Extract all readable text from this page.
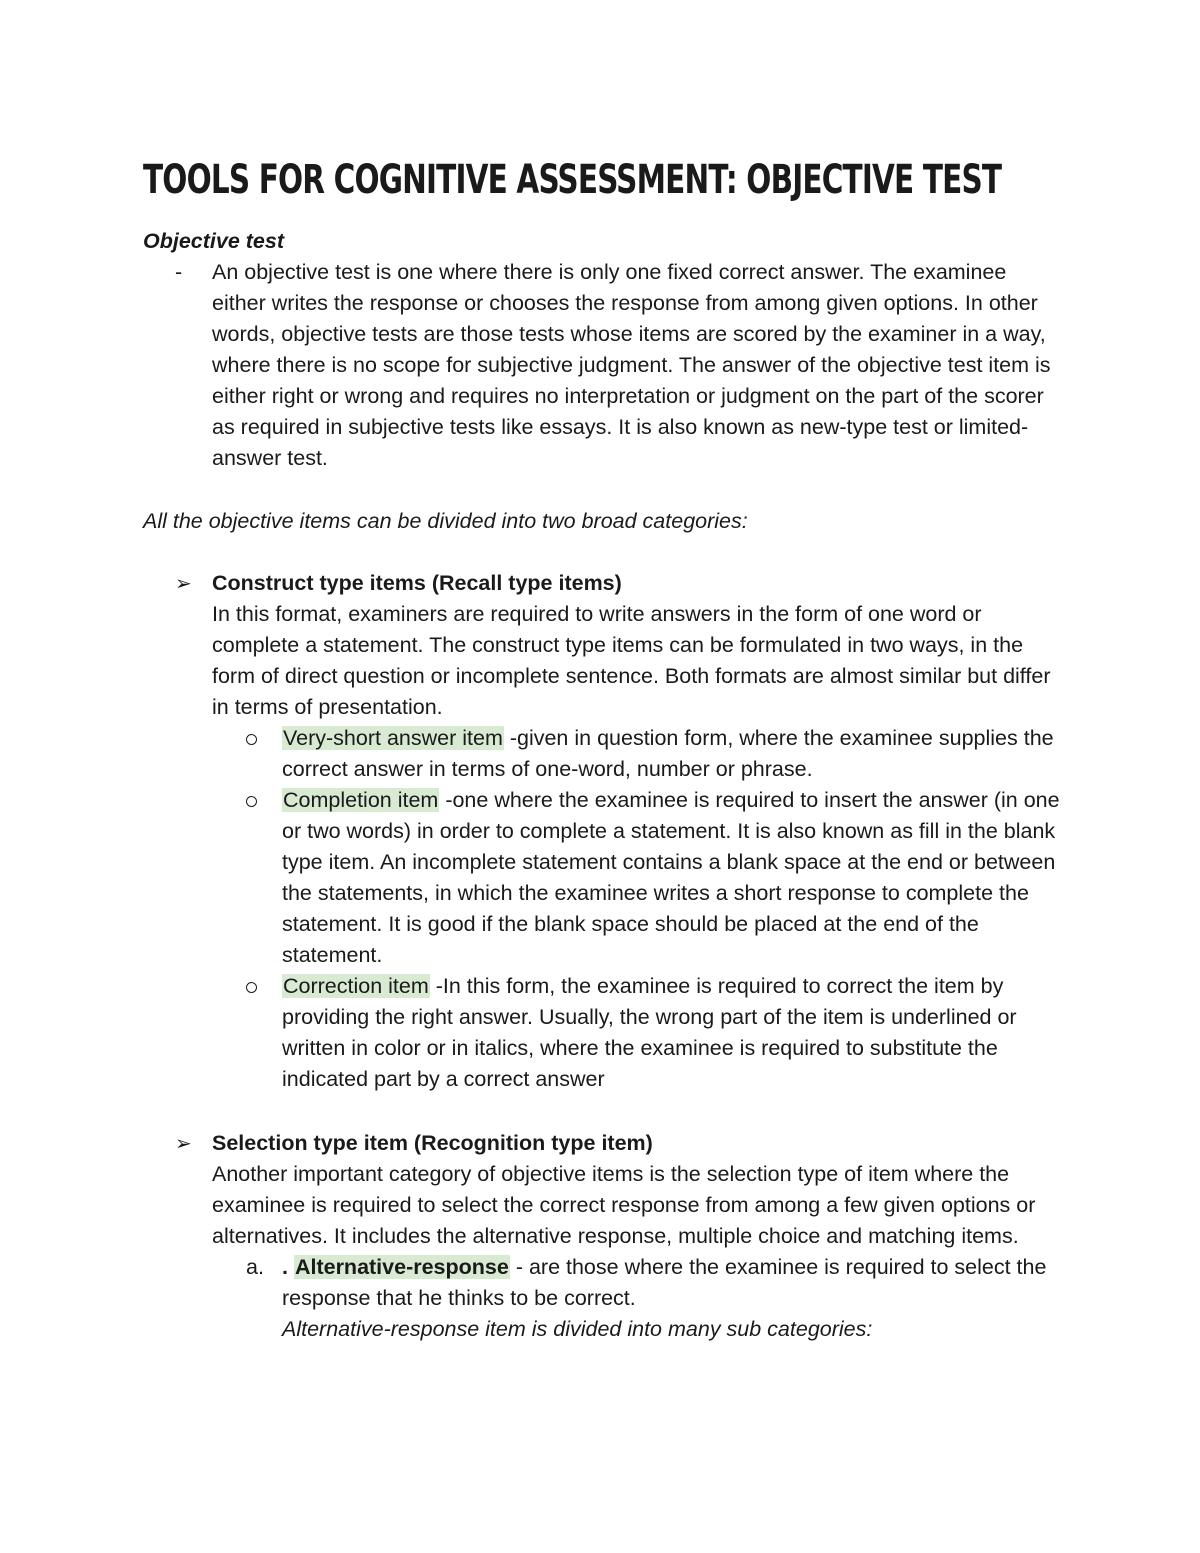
TOOLS FOR COGNITIVE ASSESSMENT: OBJECTIVE TEST
Objective test
- An objective test is one where there is only one fixed correct answer. The examinee either writes the response or chooses the response from among given options. In other words, objective tests are those tests whose items are scored by the examiner in a way, where there is no scope for subjective judgment. The answer of the objective test item is either right or wrong and requires no interpretation or judgment on the part of the scorer as required in subjective tests like essays. It is also known as new-type test or limited-answer test.
All the objective items can be divided into two broad categories:
➢ Construct type items (Recall type items)
In this format, examiners are required to write answers in the form of one word or complete a statement. The construct type items can be formulated in two ways, in the form of direct question or incomplete sentence. Both formats are almost similar but differ in terms of presentation.
Very-short answer item -given in question form, where the examinee supplies the correct answer in terms of one-word, number or phrase.
Completion item -one where the examinee is required to insert the answer (in one or two words) in order to complete a statement. It is also known as fill in the blank type item. An incomplete statement contains a blank space at the end or between the statements, in which the examinee writes a short response to complete the statement. It is good if the blank space should be placed at the end of the statement.
Correction item -In this form, the examinee is required to correct the item by providing the right answer. Usually, the wrong part of the item is underlined or written in color or in italics, where the examinee is required to substitute the indicated part by a correct answer
➢ Selection type item (Recognition type item)
Another important category of objective items is the selection type of item where the examinee is required to select the correct response from among a few given options or alternatives. It includes the alternative response, multiple choice and matching items.
a. . Alternative-response - are those where the examinee is required to select the response that he thinks to be correct.
Alternative-response item is divided into many sub categories:
